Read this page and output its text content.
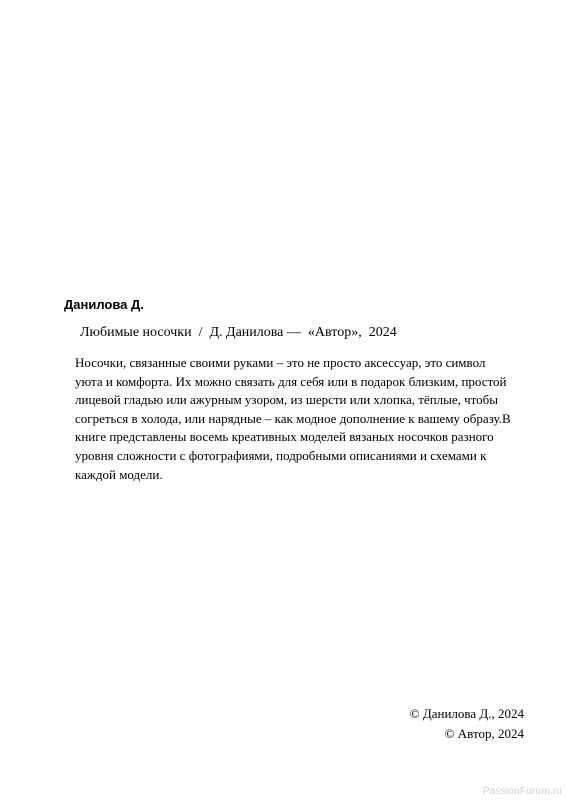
Данилова Д.
Любимые носочки  /  Д. Данилова —  «Автор»,  2024
Носочки, связанные своими руками – это не просто аксессуар, это символ
уюта и комфорта. Их можно связать для себя или в подарок близким, простой
лицевой гладью или ажурным узором, из шерсти или хлопка, тёплые, чтобы
согреться в холода, или нарядные – как модное дополнение к вашему образу.В
книге представлены восемь креативных моделей вязаных носочков разного
уровня сложности с фотографиями, подробными описаниями и схемами к
каждой модели.
© Данилова Д., 2024
© Автор, 2024
PassionForum.ru
